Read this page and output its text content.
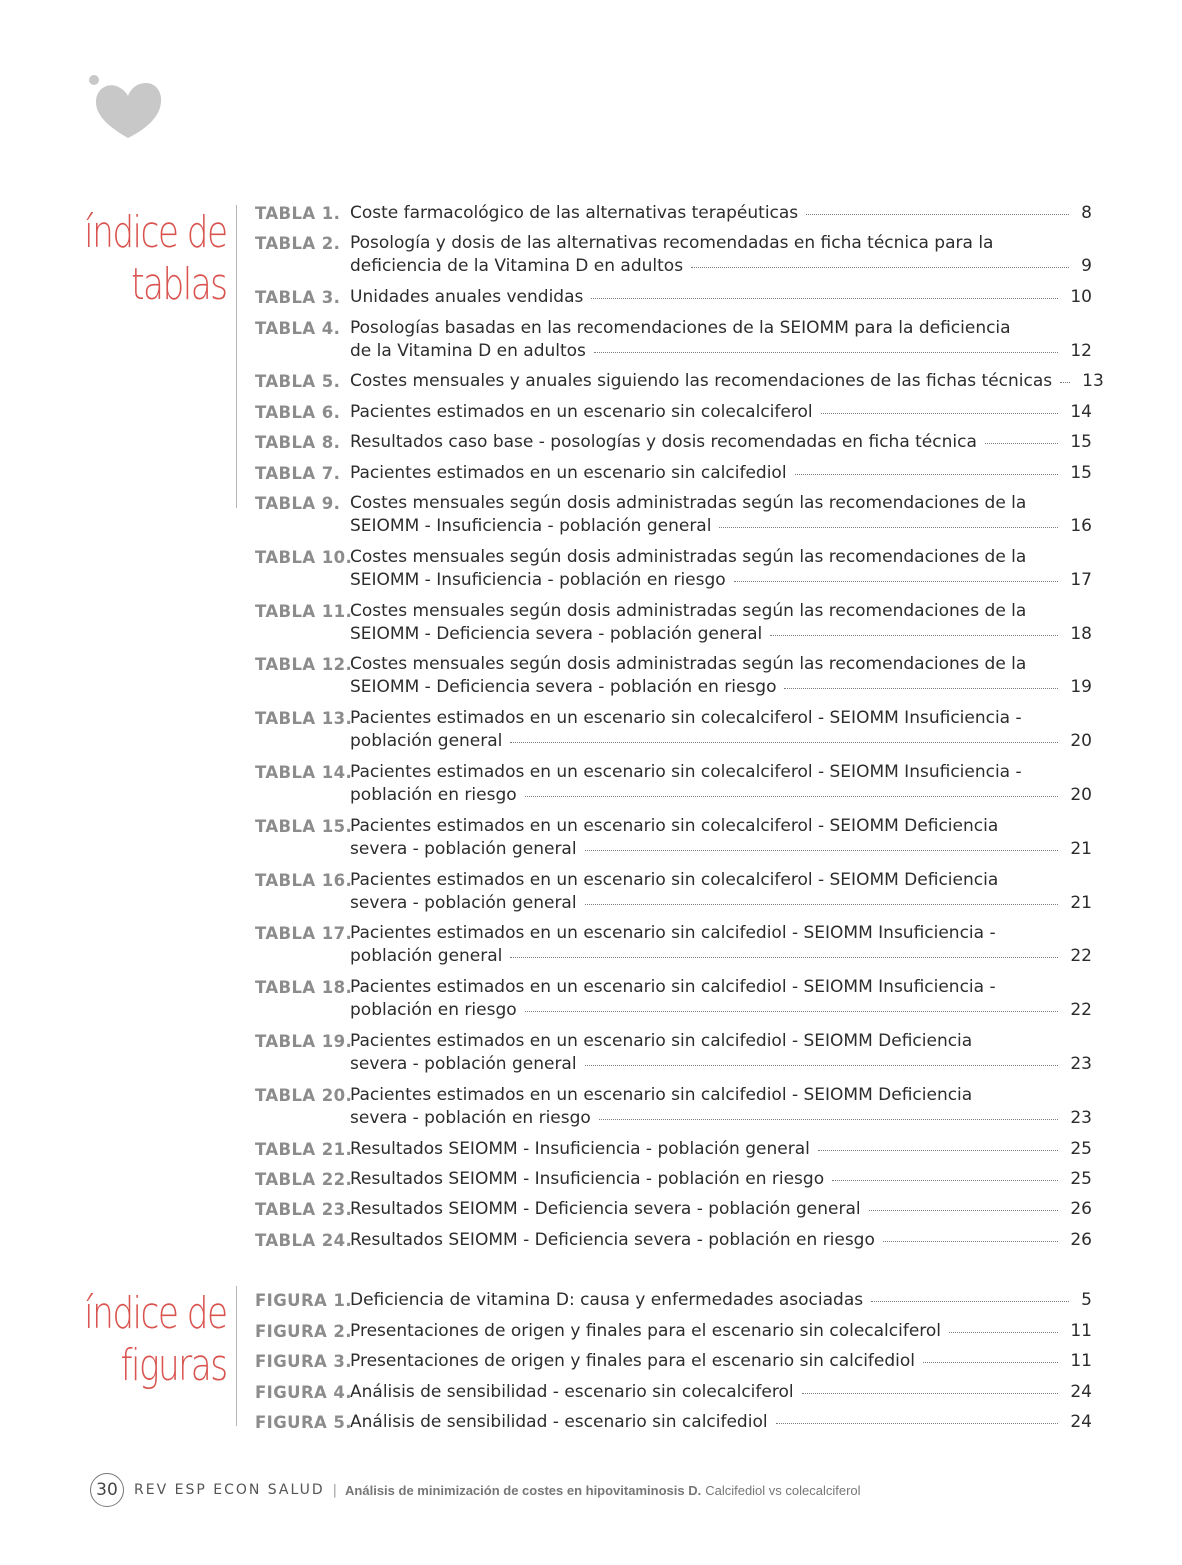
índice de
tablas
TABLA 1. Coste farmacológico de las alternativas terapéuticas	8
TABLA 2. Posología y dosis de las alternativas recomendadas en ficha técnica para la
deficiencia de la Vitamina D en adultos	9
TABLA 3. Unidades anuales vendidas	10
TABLA 4. Posologías basadas en las recomendaciones de la SEIOMM para la deficiencia
de la Vitamina D en adultos	12
TABLA 5. Costes mensuales y anuales siguiendo las recomendaciones de las fichas técnicas 13
TABLA 6. Pacientes estimados en un escenario sin colecalciferol	14
TABLA 8. Resultados caso base - posologías y dosis recomendadas en ficha técnica	15
TABLA 7. Pacientes estimados en un escenario sin calcifediol	15
TABLA 9. Costes mensuales según dosis administradas según las recomendaciones de la
SEIOMM - Insuficiencia - población general	16
TABLA 10.
Costes mensuales según dosis administradas según las recomendaciones de la
SEIOMM - Insuficiencia - población en riesgo	17
TABLA 11.
Costes mensuales según dosis administradas según las recomendaciones de la
SEIOMM - Deficiencia severa - población general	18
TABLA 12.
Costes mensuales según dosis administradas según las recomendaciones de la
SEIOMM - Deficiencia severa - población en riesgo	19
TABLA 13.
Pacientes estimados en un escenario sin colecalciferol - SEIOMM Insuficiencia -
población general	20
TABLA 14.
Pacientes estimados en un escenario sin colecalciferol - SEIOMM Insuficiencia -
población en riesgo	20
TABLA 15.
Pacientes estimados en un escenario sin colecalciferol - SEIOMM Deficiencia
severa - población general	21
TABLA 16.
Pacientes estimados en un escenario sin colecalciferol - SEIOMM Deficiencia
severa - población general	21
TABLA 17.
Pacientes estimados en un escenario sin calcifediol - SEIOMM Insuficiencia -
población general	22
TABLA 18.
Pacientes estimados en un escenario sin calcifediol - SEIOMM Insuficiencia -
población en riesgo	22
TABLA 19.
Pacientes estimados en un escenario sin calcifediol - SEIOMM Deficiencia
severa - población general	23
TABLA 20.
Pacientes estimados en un escenario sin calcifediol - SEIOMM Deficiencia
severa - población en riesgo	23
TABLA 21.
Resultados SEIOMM - Insuficiencia - población general	25
TABLA 22.
Resultados SEIOMM - Insuficiencia - población en riesgo	25
TABLA 23.
Resultados SEIOMM - Deficiencia severa - población general	26
TABLA 24.
Resultados SEIOMM - Deficiencia severa - población en riesgo	26
índice de
figuras
FIGURA 1.
Deficiencia de vitamina D: causa y enfermedades asociadas	5
FIGURA 2.
Presentaciones de origen y finales para el escenario sin colecalciferol	11
FIGURA 3.
Presentaciones de origen y finales para el escenario sin calcifediol	11
FIGURA 4.
Análisis de sensibilidad - escenario sin colecalciferol	24
FIGURA 5.
Análisis de sensibilidad - escenario sin calcifediol	24
30	REV ESP ECON SALUD | Análisis de minimización de costes en hipovitaminosis D. Calcifediol vs colecalciferol
